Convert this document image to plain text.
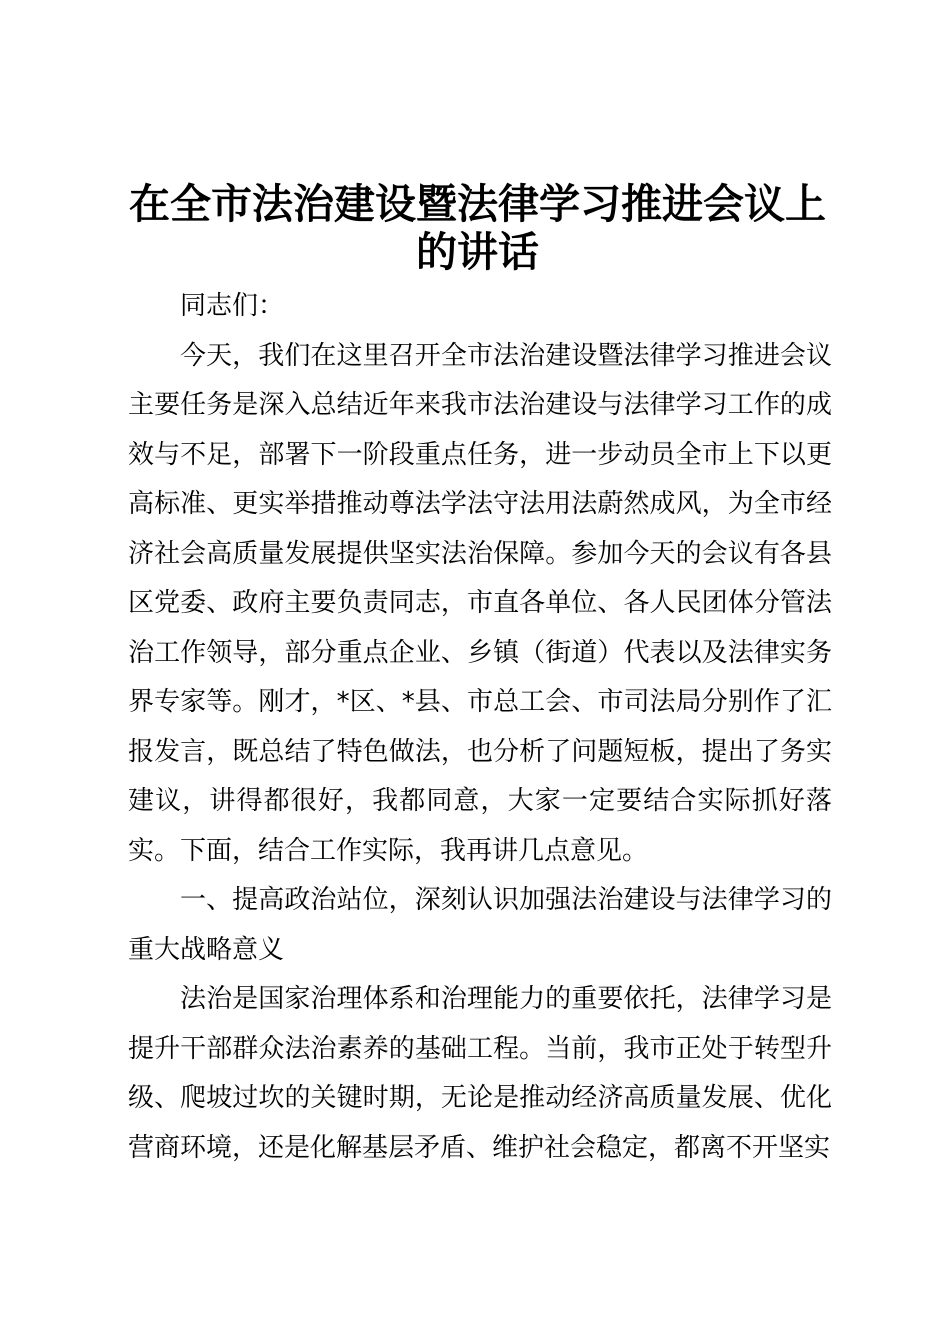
在全市法治建设暨法律学习推进会议上的讲话

同志们：

今天，我们在这里召开全市法治建设暨法律学习推进会议主要任务是深入总结近年来我市法治建设与法律学习工作的成效与不足，部署下一阶段重点任务，进一步动员全市上下以更高标准、更实举措推动尊法学法守法用法蔚然成风，为全市经济社会高质量发展提供坚实法治保障。参加今天的会议有各县区党委、政府主要负责同志，市直各单位、各人民团体分管法治工作领导，部分重点企业、乡镇（街道）代表以及法律实务界专家等。刚才，*区、*县、市总工会、市司法局分别作了汇报发言，既总结了特色做法，也分析了问题短板，提出了务实建议，讲得都很好，我都同意，大家一定要结合实际抓好落实。下面，结合工作实际，我再讲几点意见。

一、提高政治站位，深刻认识加强法治建设与法律学习的重大战略意义

法治是国家治理体系和治理能力的重要依托，法律学习是提升干部群众法治素养的基础工程。当前，我市正处于转型升级、爬坡过坎的关键时期，无论是推动经济高质量发展、优化营商环境，还是化解基层矛盾、维护社会稳定，都离不开坚实
